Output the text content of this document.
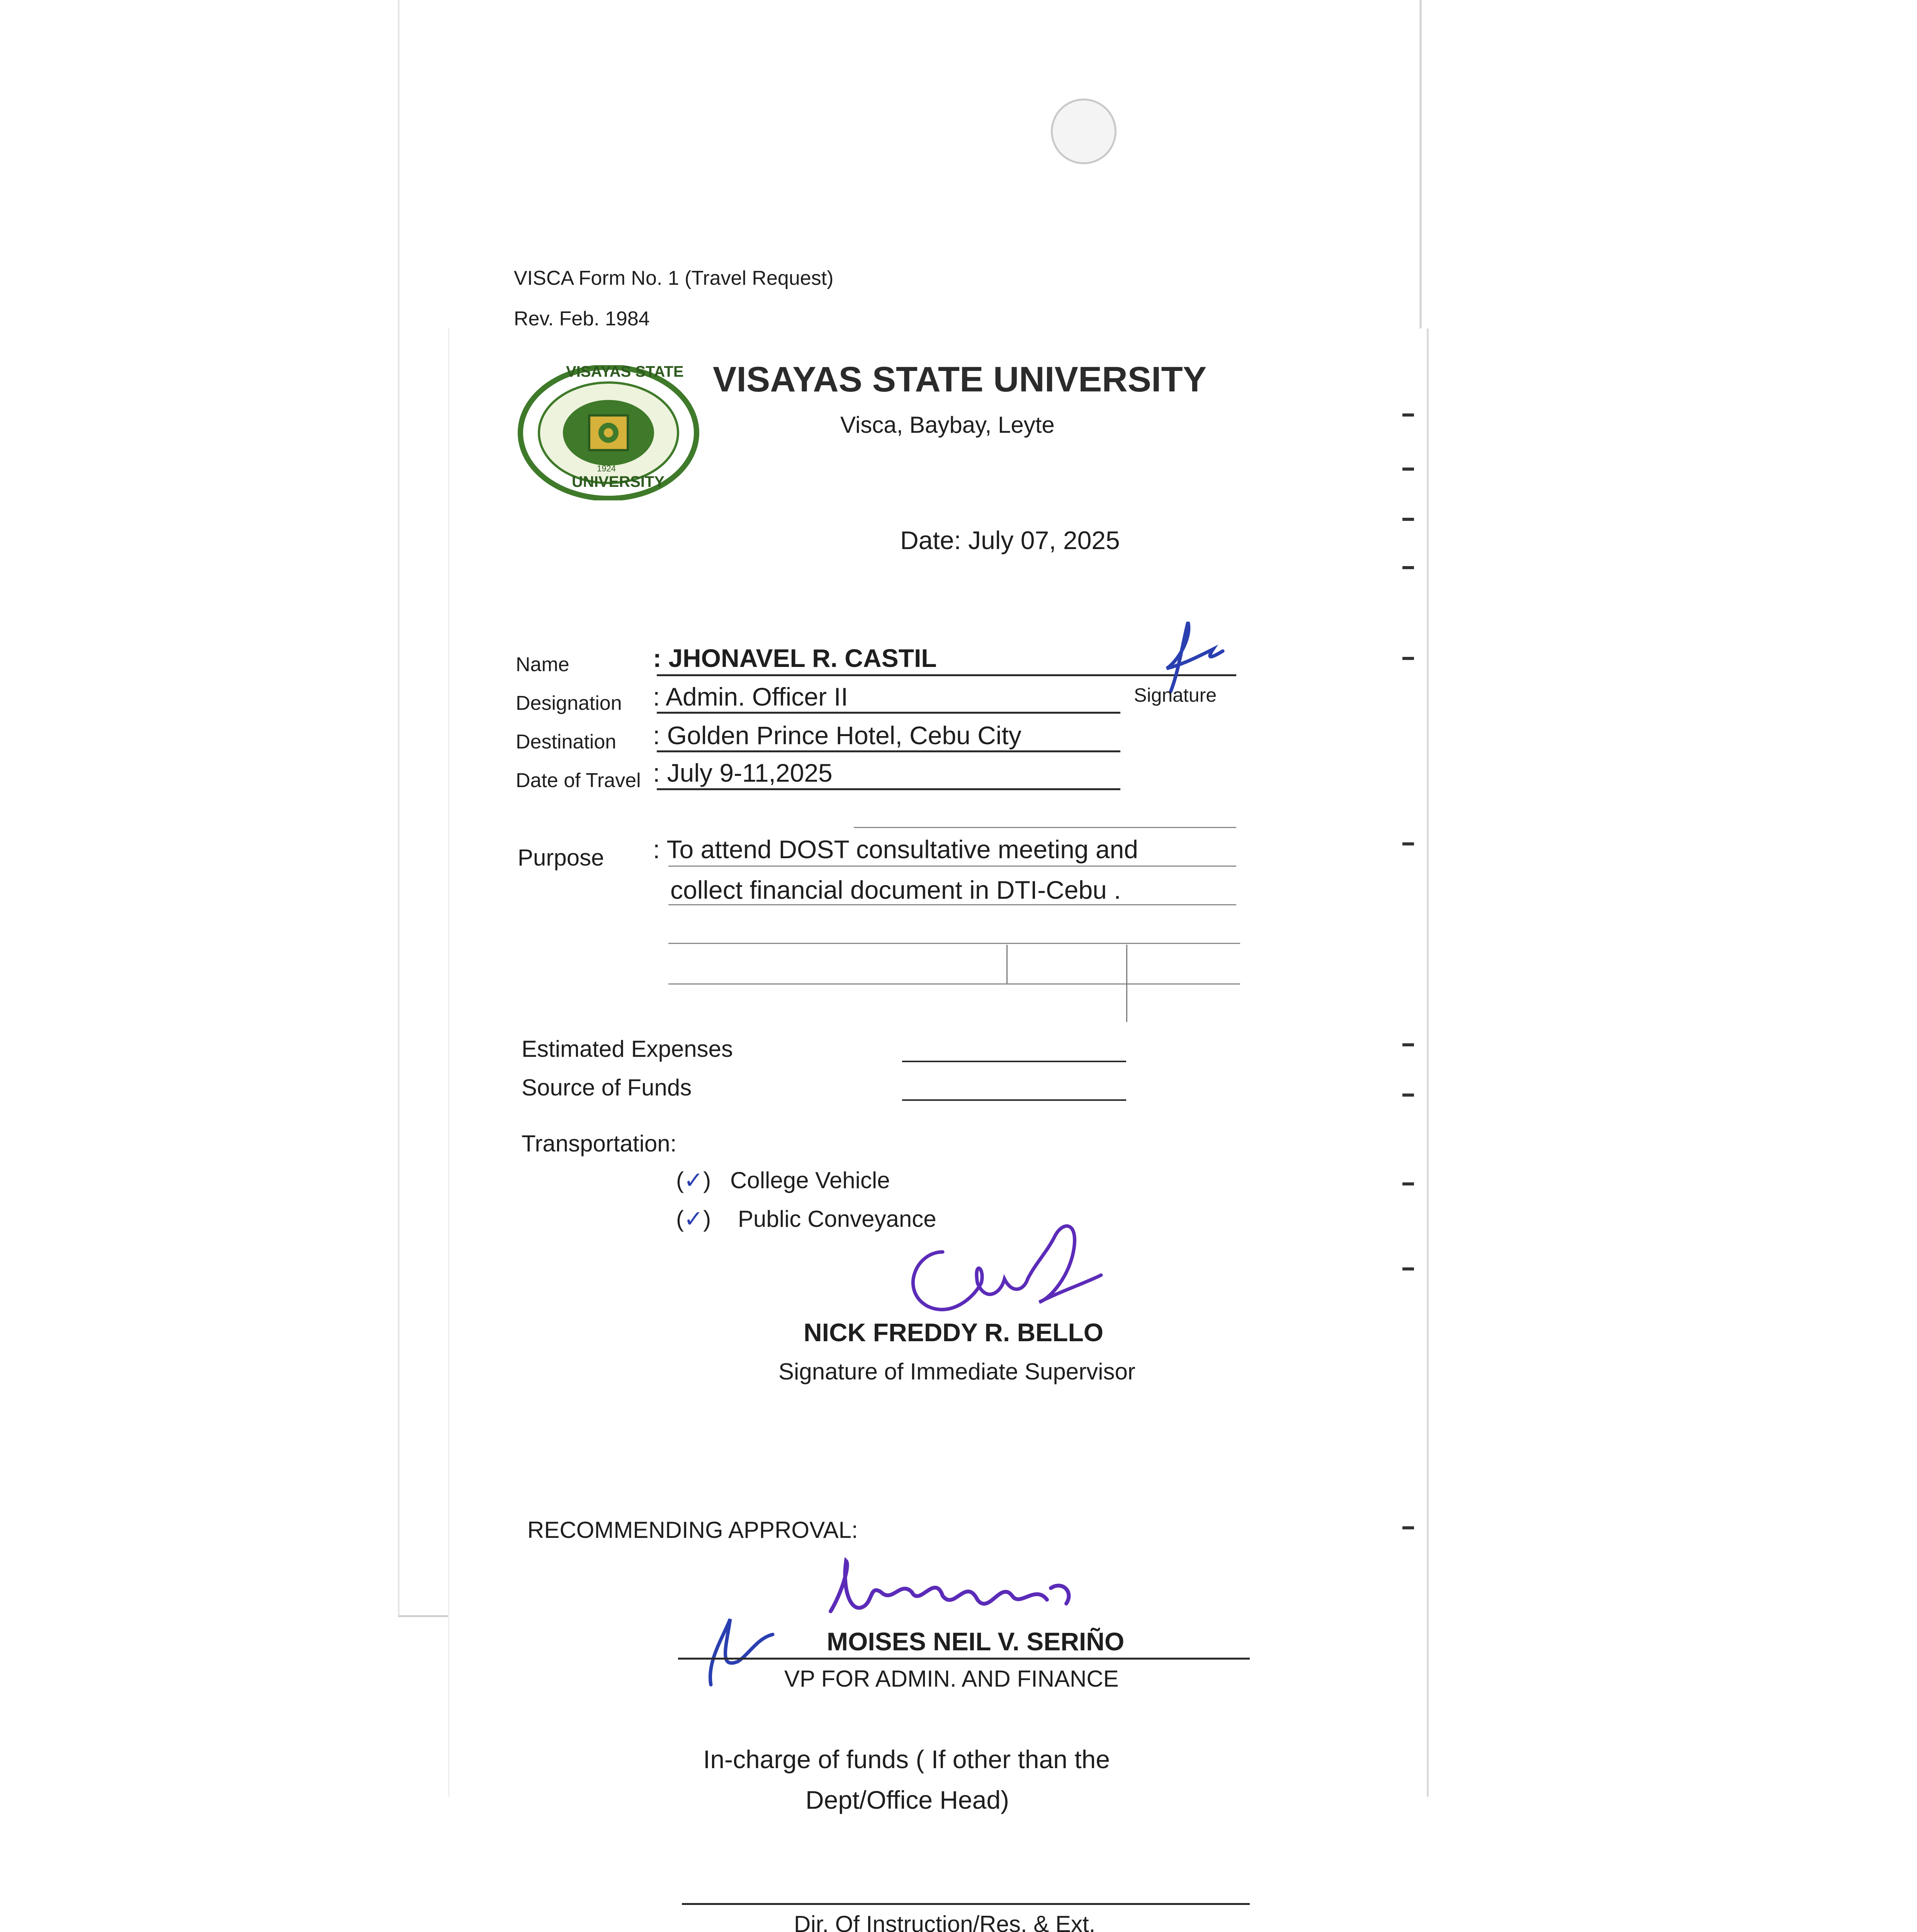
VISCA Form No. 1 (Travel Request)
Rev. Feb. 1984
VISAYAS STATE
UNIVERSITY
1924
VISAYAS STATE UNIVERSITY
Visca, Baybay, Leyte
Date: July 07, 2025
Name	: JHONAVEL R. CASTIL
Signature
Designation : Admin. Officer II
Destination : Golden Prince Hotel, Cebu City
Date of Travel : July 9-11,2025
Purpose : To attend DOST consultative meeting and
collect financial document in DTI-Cebu .
Estimated Expenses
Source of Funds
Transportation:
(✓) College Vehicle
(✓) Public Conveyance
NICK FREDDY R. BELLO
Signature of Immediate Supervisor
RECOMMENDING APPROVAL:
MOISES NEIL V. SERIÑO
VP FOR ADMIN. AND FINANCE
In-charge of funds ( If other than the
Dept/Office Head)
Dir. Of Instruction/Res. & Ext.
